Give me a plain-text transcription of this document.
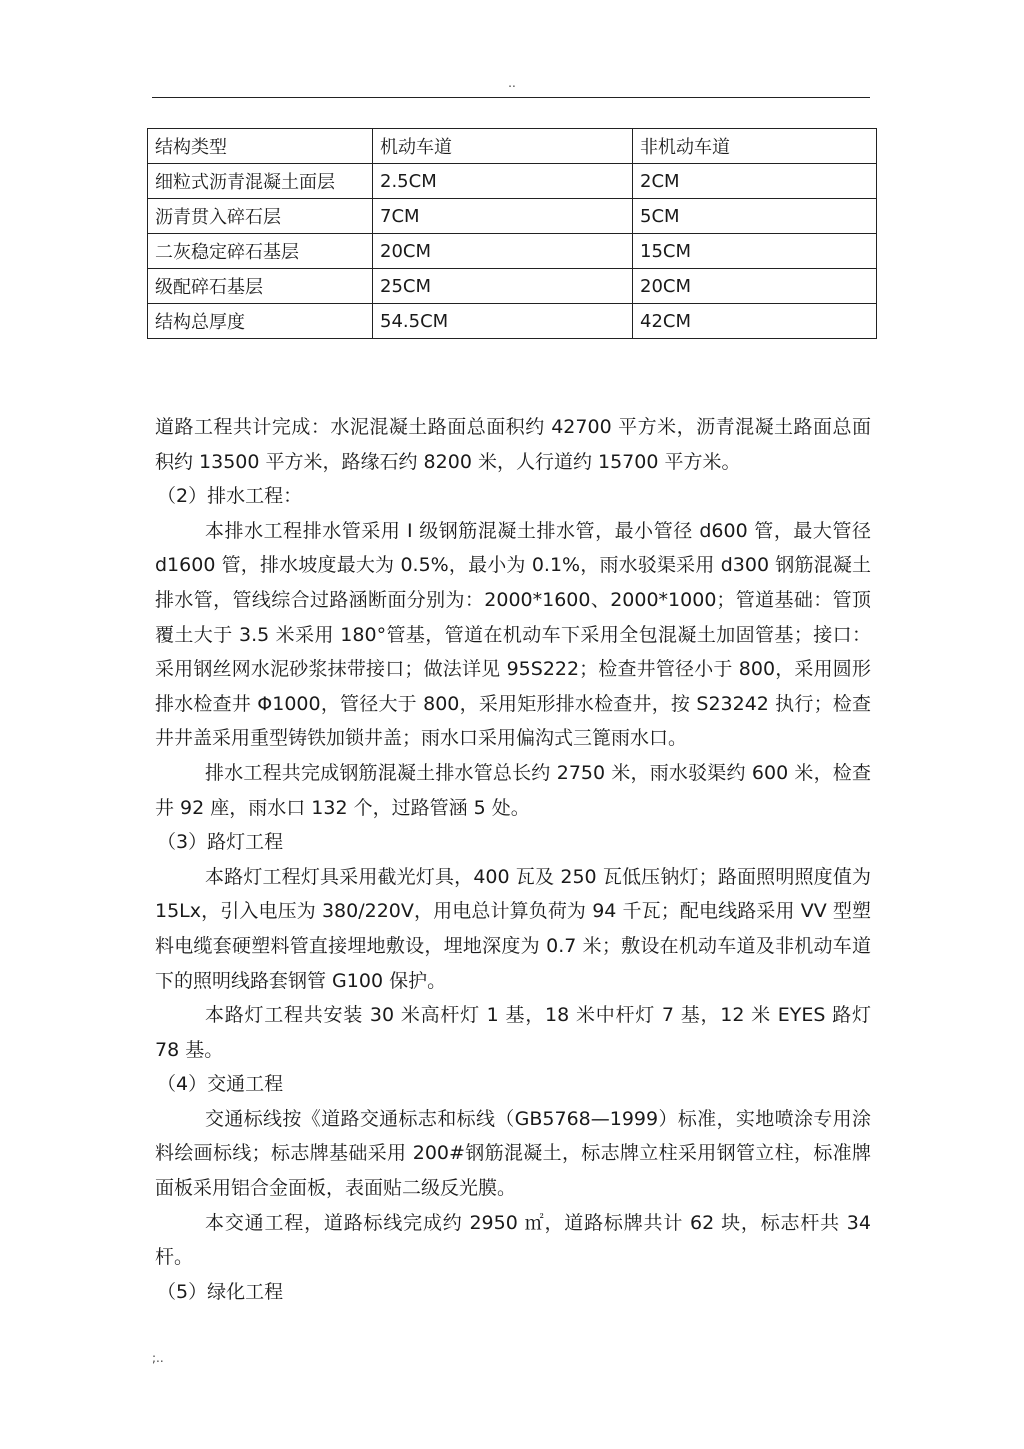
..
结构类型	机动车道	非机动车道
细粒式沥青混凝土面层	2.5CM	2CM
沥青贯入碎石层	7CM	5CM
二灰稳定碎石基层	20CM	15CM
级配碎石基层	25CM	20CM
结构总厚度	54.5CM	42CM

道路工程共计完成：水泥混凝土路面总面积约 42700 平方米，沥青混凝土路面总面积约 13500 平方米，路缘石约 8200 米，人行道约 15700 平方米。

（2）排水工程：

本排水工程排水管采用 I 级钢筋混凝土排水管，最小管径 d600 管，最大管径 d1600 管，排水坡度最大为 0.5%，最小为 0.1%，雨水驳渠采用 d300 钢筋混凝土排水管，管线综合过路涵断面分别为：2000*1600、2000*1000；管道基础：管顶覆土大于 3.5 米采用 180°管基，管道在机动车下采用全包混凝土加固管基；接口：采用钢丝网水泥砂浆抹带接口；做法详见 95S222；检查井管径小于 800，采用圆形排水检查井 Φ1000，管径大于 800，采用矩形排水检查井，按 S23242 执行；检查井井盖采用重型铸铁加锁井盖；雨水口采用偏沟式三篦雨水口。

排水工程共完成钢筋混凝土排水管总长约 2750 米，雨水驳渠约 600 米，检查井 92 座，雨水口 132 个，过路管涵 5 处。

（3）路灯工程

本路灯工程灯具采用截光灯具，400 瓦及 250 瓦低压钠灯；路面照明照度值为 15Lx，引入电压为 380/220V，用电总计算负荷为 94 千瓦；配电线路采用 VV 型塑料电缆套硬塑料管直接埋地敷设，埋地深度为 0.7 米；敷设在机动车道及非机动车道下的照明线路套钢管 G100 保护。

本路灯工程共安装 30 米高杆灯 1 基，18 米中杆灯 7 基，12 米 EYES 路灯 78 基。

（4）交通工程

交通标线按《道路交通标志和标线（GB5768—1999）标准，实地喷涂专用涂料绘画标线；标志牌基础采用 200#钢筋混凝土，标志牌立柱采用钢管立柱，标准牌面板采用铝合金面板，表面贴二级反光膜。

本交通工程，道路标线完成约 2950 ㎡，道路标牌共计 62 块，标志杆共 34 杆。

（5）绿化工程

;..
